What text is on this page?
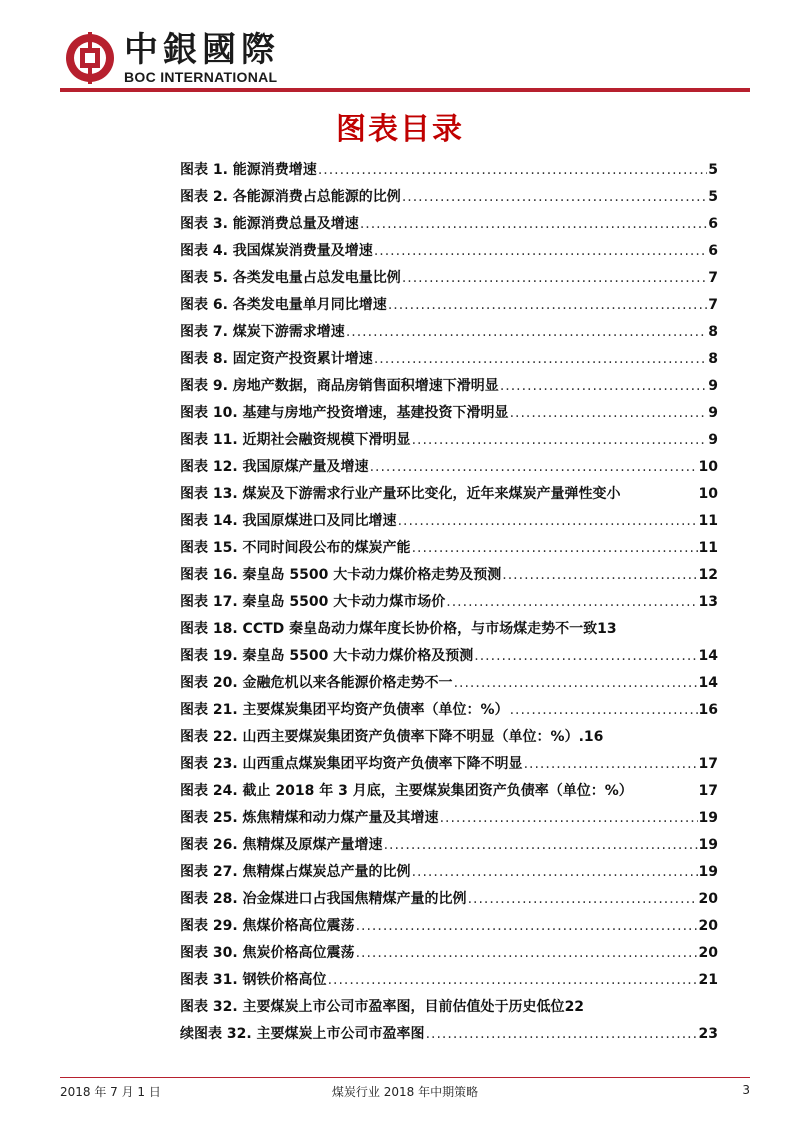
中銀國際
BOC INTERNATIONAL
图表目录
图表 1. 能源消费增速 .....	5
图表 2. 各能源消费占总能源的比例 .....	5
图表 3. 能源消费总量及增速 .....	6
图表 4. 我国煤炭消费量及增速 .....	6
图表 5. 各类发电量占总发电量比例 .....	7
图表 6. 各类发电量单月同比增速 .....	7
图表 7. 煤炭下游需求增速 .....	8
图表 8. 固定资产投资累计增速 .....	8
图表 9. 房地产数据，商品房销售面积增速下滑明显 .....	9
图表 10. 基建与房地产投资增速，基建投资下滑明显 .....	9
图表 11. 近期社会融资规模下滑明显 .....	9
图表 12. 我国原煤产量及增速 .....	10
图表 13. 煤炭及下游需求行业产量环比变化，近年来煤炭产量弹性变小	10
图表 14. 我国原煤进口及同比增速 .....	11
图表 15. 不同时间段公布的煤炭产能 .....	11
图表 16. 秦皇岛 5500 大卡动力煤价格走势及预测 .....	12
图表 17. 秦皇岛 5500 大卡动力煤市场价 .....	13
图表 18. CCTD 秦皇岛动力煤年度长协价格，与市场煤走势不一致 13
图表 19. 秦皇岛 5500 大卡动力煤价格及预测 .....	14
图表 20. 金融危机以来各能源价格走势不一 .....	14
图表 21. 主要煤炭集团平均资产负债率（单位：%） .....	16
图表 22. 山西主要煤炭集团资产负债率下降不明显（单位：%） .16
图表 23. 山西重点煤炭集团平均资产负债率下降不明显 .....	17
图表 24. 截止 2018 年 3 月底，主要煤炭集团资产负债率（单位：%）	17
图表 25. 炼焦精煤和动力煤产量及其增速 .....	19
图表 26. 焦精煤及原煤产量增速 .....	19
图表 27. 焦精煤占煤炭总产量的比例 .....	19
图表 28. 冶金煤进口占我国焦精煤产量的比例 .....	20
图表 29. 焦煤价格高位震荡 .....	20
图表 30. 焦炭价格高位震荡 .....	20
图表 31. 钢铁价格高位 .....	21
图表 32. 主要煤炭上市公司市盈率图，目前估值处于历史低位 22
续图表 32. 主要煤炭上市公司市盈率图 .....	23
2018 年 7 月 1 日	煤炭行业 2018 年中期策略	3
